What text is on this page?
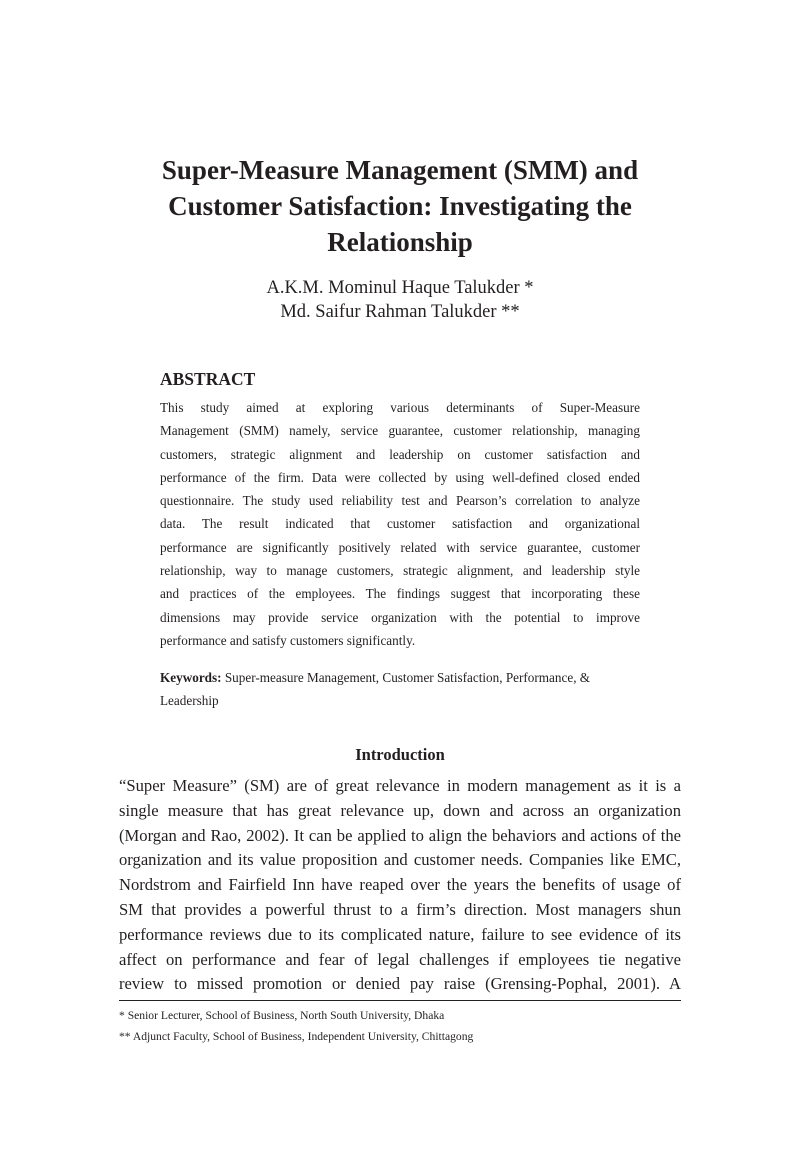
Super-Measure Management (SMM) and
Customer Satisfaction: Investigating the
Relationship
A.K.M. Mominul Haque Talukder *
Md. Saifur Rahman Talukder **
ABSTRACT
This study aimed at exploring various determinants of Super-Measure
Management (SMM) namely, service guarantee, customer relationship, managing
customers, strategic alignment and leadership on customer satisfaction and
performance of the firm. Data were collected by using well-defined closed ended
questionnaire. The study used reliability test and Pearson’s correlation to analyze
data. The result indicated that customer satisfaction and organizational
performance are significantly positively related with service guarantee, customer
relationship, way to manage customers, strategic alignment, and leadership style
and practices of the employees. The findings suggest that incorporating these
dimensions may provide service organization with the potential to improve
performance and satisfy customers significantly.
Keywords: Super-measure Management, Customer Satisfaction, Performance, & Leadership
Introduction
“Super Measure” (SM) are of great relevance in modern management as it is a
single measure that has great relevance up, down and across an organization
(Morgan and Rao, 2002). It can be applied to align the behaviors and actions of the
organization and its value proposition and customer needs. Companies like EMC,
Nordstrom and Fairfield Inn have reaped over the years the benefits of usage of
SM that provides a powerful thrust to a firm’s direction. Most managers shun
performance reviews due to its complicated nature, failure to see evidence of its
affect on performance and fear of legal challenges if employees tie negative
review to missed promotion or denied pay raise (Grensing-Pophal, 2001). A
* Senior Lecturer, School of Business, North South University, Dhaka
** Adjunct Faculty, School of Business, Independent University, Chittagong
